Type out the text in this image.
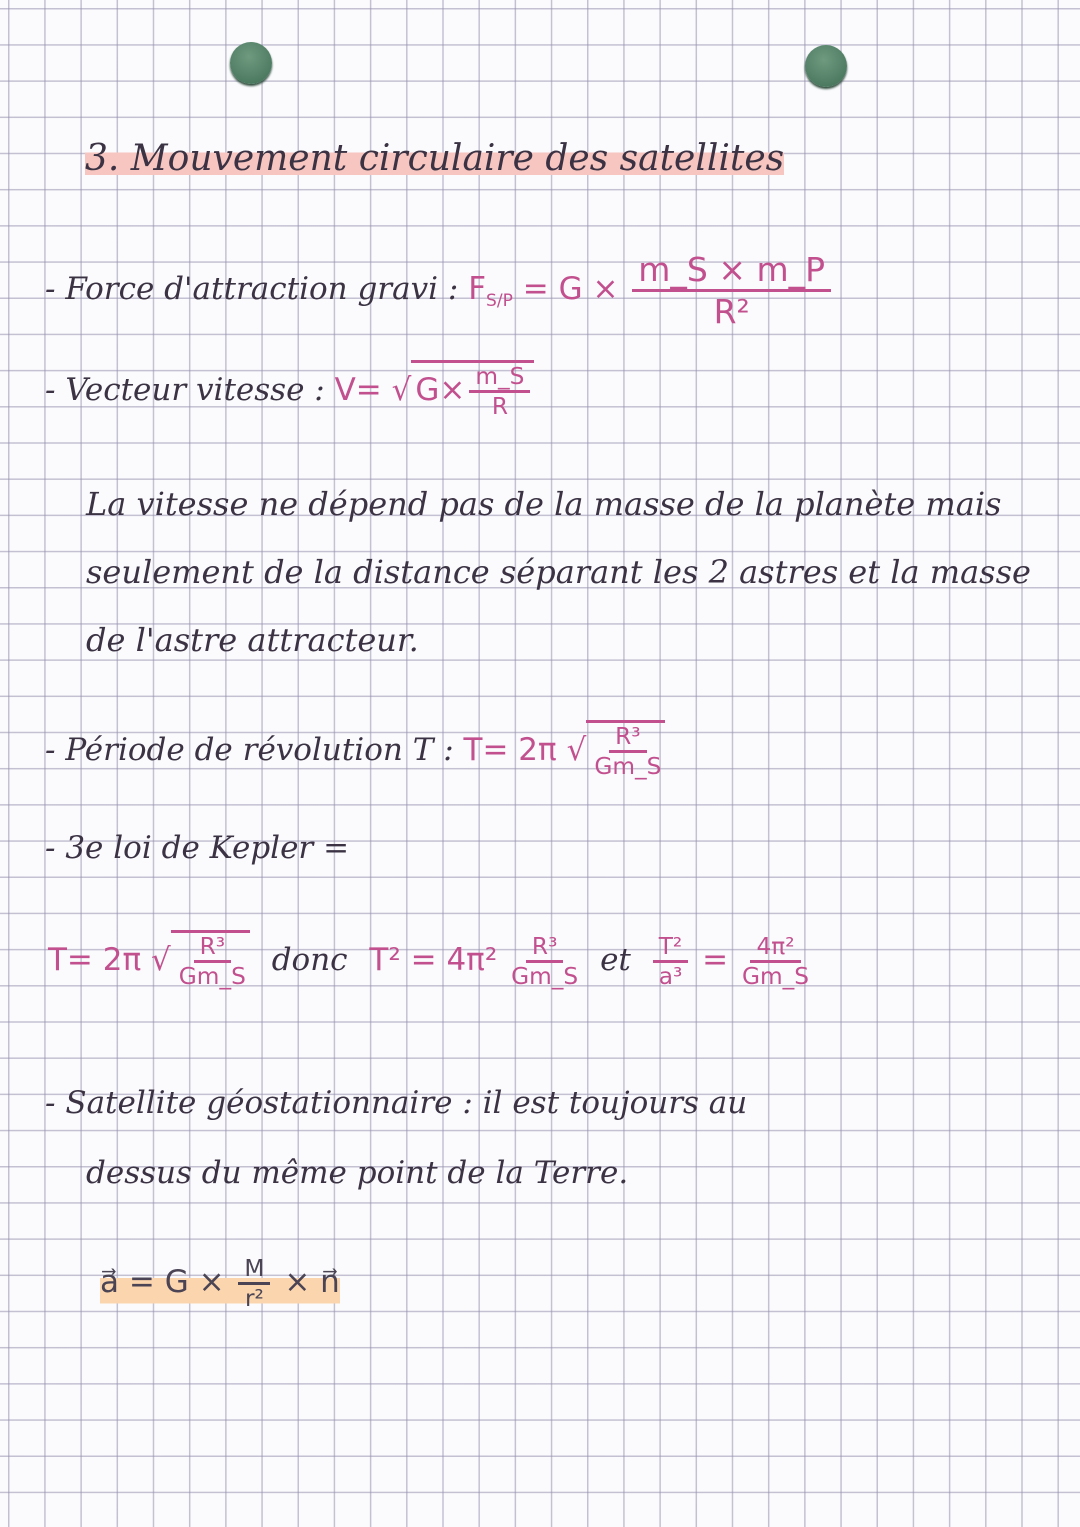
3. Mouvement circulaire des satellites
- Force d'attraction gravi : $F_{S/P} = G \times \frac{m\_S \times m\_P}{\text{R²}}$
- Vecteur vitesse : V= √ $G\times \frac{m\_S}{R}$
La vitesse ne dépend pas de la masse de la planète mais seulement de la distance séparant les 2 astres et la masse de l'astre attracteur.
- Période de révolution T : T= 2π √ $\frac{\text{R³}}{Gm\_S}$
- 3e loi de Kepler =
T= 2π √ $\frac{\text{R³}}{Gm\_S}$ donc $T^2 = 4\pi^2 \frac{\text{R³}}{Gm\_S}$ et $\frac{\text{T²}}{\text{a³}} = \frac{\text{4π²}}{Gm\_S}$
- Satellite géostationnaire : il est toujours au
dessus du même point de la Terre.
a⃗ = $G \times \frac{M}{\text{r²}}$ × n⃗
